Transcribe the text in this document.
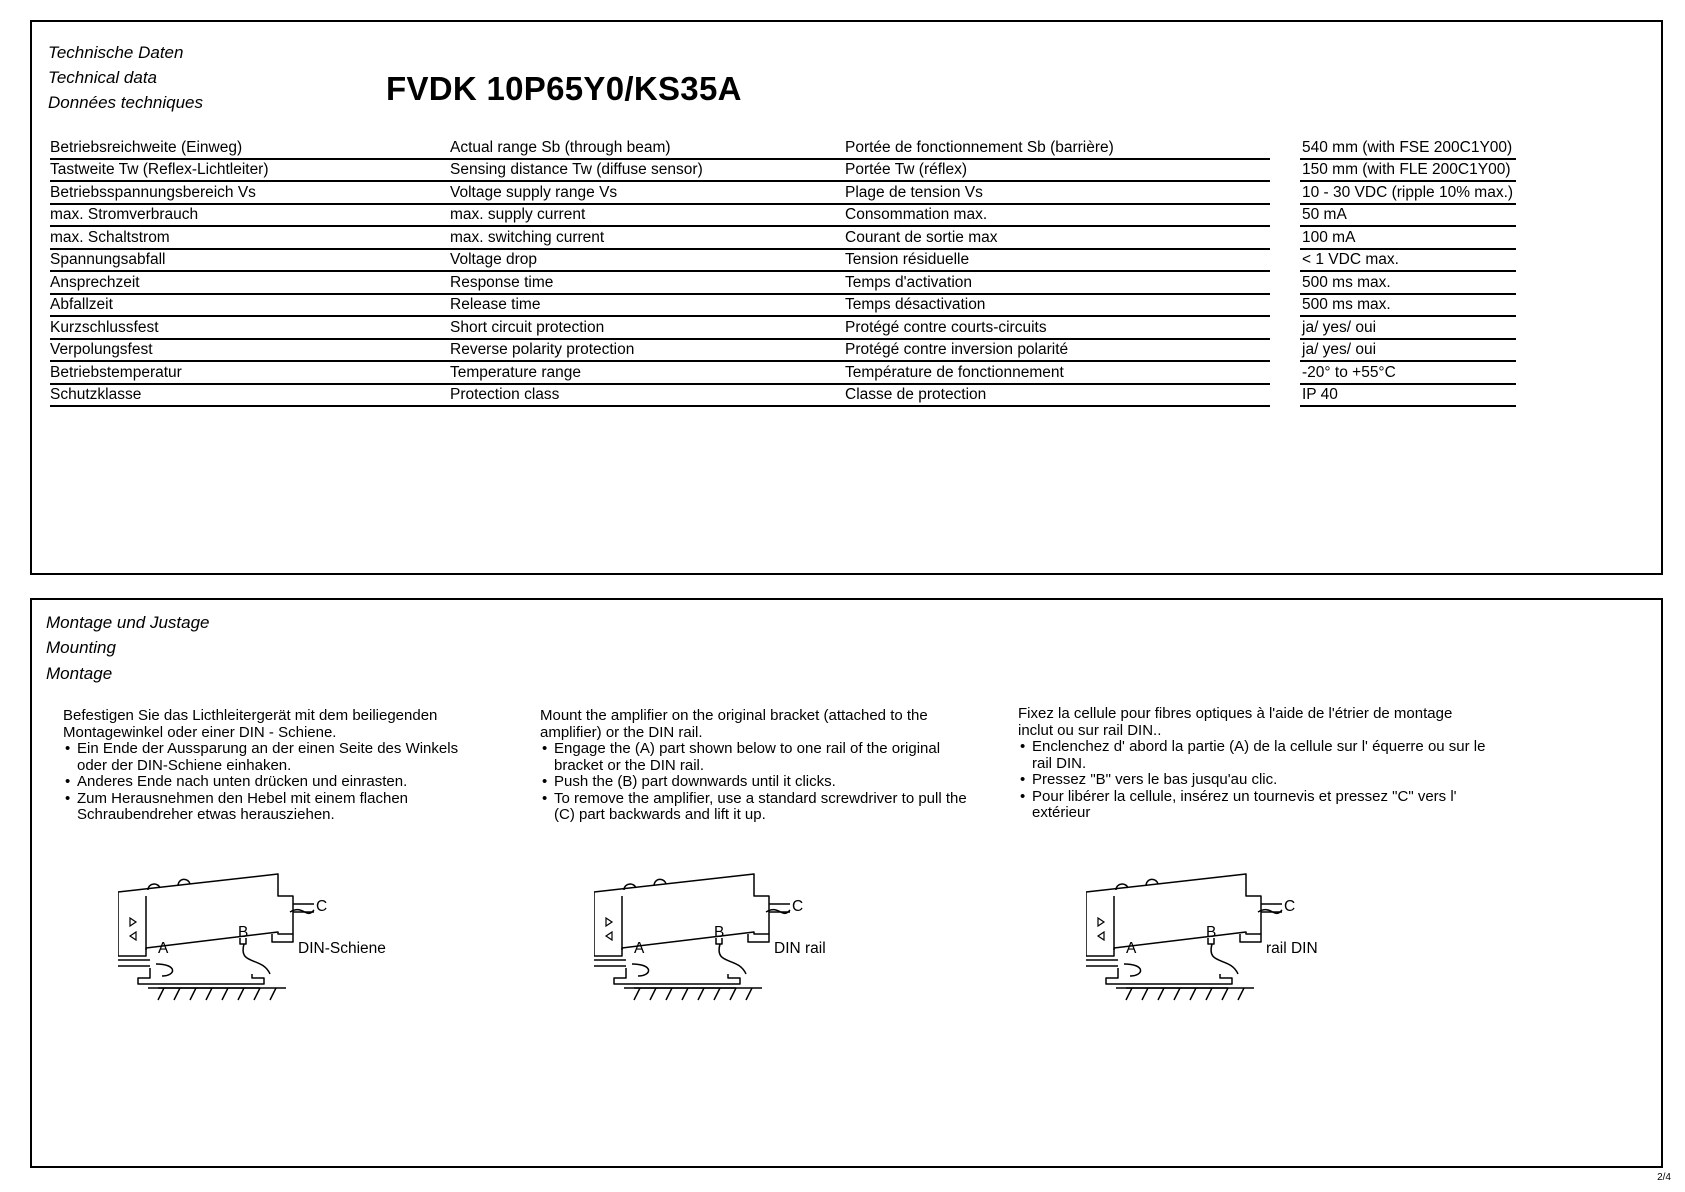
Technische Daten
Technical data
Données techniques	FVDK 10P65Y0/KS35A
Betriebsreichweite (Einweg)	Actual range Sb (through beam)	Portée de fonctionnement Sb (barrière)	540 mm (with FSE 200C1Y00)
Tastweite Tw (Reflex-Lichtleiter)	Sensing distance Tw (diffuse sensor)	Portée Tw (réflex)	150 mm (with FLE 200C1Y00)
Betriebsspannungsbereich Vs	Voltage supply range Vs	Plage de tension Vs	10 - 30 VDC (ripple 10% max.)
max. Stromverbrauch	max. supply current	Consommation max.	50 mA
max. Schaltstrom	max. switching current	Courant de sortie max	100 mA
Spannungsabfall	Voltage drop	Tension résiduelle	< 1 VDC max.
Ansprechzeit	Response time	Temps d'activation	500 ms max.
Abfallzeit	Release time	Temps désactivation	500 ms max.
Kurzschlussfest	Short circuit protection	Protégé contre courts-circuits	ja/ yes/ oui
Verpolungsfest	Reverse polarity protection	Protégé contre inversion polarité	ja/ yes/ oui
Betriebstemperatur	Temperature range	Température de fonctionnement	-20° to +55°C
Schutzklasse	Protection class	Classe de protection	IP 40
Montage und Justage
Mounting
Montage

Befestigen Sie das Licthleitergerät mit dem beiliegenden Montagewinkel oder einer DIN - Schiene.

• Ein Ende der Aussparung an der einen Seite des Winkels oder der DIN-Schiene einhaken.

• Anderes Ende nach unten drücken und einrasten.

• Zum Herausnehmen den Hebel mit einem flachen Schraubendreher etwas herausziehen.

Mount the amplifier on the original bracket (attached to the amplifier) or the DIN rail.

• Engage the (A) part shown below to one rail of the original bracket or the DIN rail.

• Push the (B) part downwards until it clicks.

• To remove the amplifier, use a standard screwdriver to pull the (C) part backwards and lift it up.

Fixez la cellule pour fibres optiques à l'aide de l'étrier de montage inclut ou sur rail DIN..

• Enclenchez d' abord la partie (A) de la cellule sur l' équerre ou sur le rail DIN.

• Pressez "B" vers le bas jusqu'au clic.

• Pour libérer la cellule, insérez un tournevis et pressez "C" vers l' extérieur

A
B
C
DIN-Schiene	A
B
C
DIN rail	A
B
C
rail DIN
2/4
